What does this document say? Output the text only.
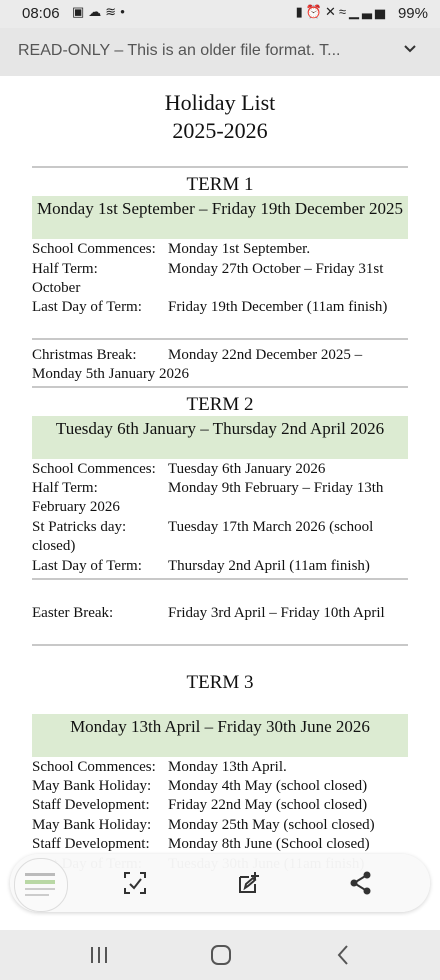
08:06 ▣☁≋•	▮⏰✕≈▁▃▅ 99%
READ-ONLY – This is an older file format. T...
Holiday List
2025-2026
TERM 1
Monday 1st September – Friday 19th December 2025
School Commences: Monday 1st September.
Half Term:	Monday 27th October – Friday 31st
October
Last Day of Term: Friday 19th December (11am finish)
Christmas Break: Monday 22nd December 2025 –
Monday 5th January 2026
TERM 2
Tuesday 6th January – Thursday 2nd April 2026
School Commences: Tuesday 6th January 2026
Half Term:	Monday 9th February – Friday 13th
February 2026
St Patricks day:	Tuesday 17th March 2026 (school
closed)
Last Day of Term: Thursday 2nd April (11am finish)
Easter Break:	Friday 3rd April – Friday 10th April
TERM 3
Monday 13th April – Friday 30th June 2026
School Commences: Monday 13th April.
May Bank Holiday: Monday 4th May (school closed)
Staff Development: Friday 22nd May (school closed)
May Bank Holiday: Monday 25th May (school closed)
Staff Development: Monday 8th June (School closed)
